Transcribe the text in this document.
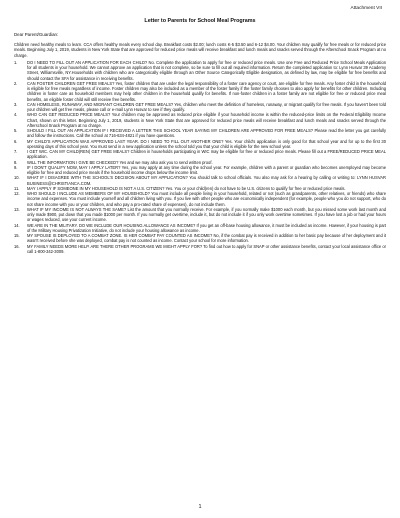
Attachment VII
Letter to Parents for School Meal Programs
Dear Parent/Guardian:
Children need healthy meals to learn. CCA offers healthy meals every school day. Breakfast costs $2.00; lunch costs K-5 $3.50 and 6-12 $4.00. Your children may qualify for free meals or for reduced price meals. Beginning July 1, 2019, students in New York State that are approved for reduced price meals will receive breakfast and lunch meals and snacks served through the Afterschool Snack Program at no charge.
1.	DO I NEED TO FILL OUT AN APPLICATION FOR EACH CHILD? No. Complete the application to apply for free or reduced price meals. Use one Free and Reduced Price School Meals Application for all students in your household. We cannot approve an application that is not complete, so be sure to fill out all required information. Return the completed application to: Lynn Husvar 39 Academy Street, Williamsville, NY.Households with children who are categorically eligible through an Other Source Categorically Eligible designation, as defined by law, may be eligible for free benefits and should contact the SFA for assistance in receiving benefits.
2.	CAN FOSTER CHILDREN GET FREE MEALS? Yes, foster children that are under the legal responsibility of a foster care agency or court, are eligible for free meals. Any foster child in the household is eligible for free meals regardless of income. Foster children may also be included as a member of the foster family if the foster family chooses to also apply for benefits for other children. Including children in foster care as household members may help other children in the household qualify for benefits. If non-foster children in a foster family are not eligible for free or reduced price meal benefits, an eligible foster child will still receive free benefits.
3.	CAN HOMELESS, RUNAWAY, AND MIGRANT CHILDREN GET FREE MEALS? Yes, children who meet the definition of homeless, runaway, or migrant qualify for free meals. If you haven't been told your children will get free meals, please call or e-mail Lynn Husvar to see if they qualify.
4.	WHO CAN GET REDUCED PRICE MEALS? Your children may be approved as reduced price eligible if your household income is within the reduced-price limits on the Federal Eligibility Income Chart, shown on this letter. Beginning July 1, 2019, students in New York State that are approved for reduced price meals will receive breakfast and lunch meals and snacks served through the Afterschool Snack Program at no charge.
5.	SHOULD I FILL OUT AN APPLICATION IF I RECEIVED A LETTER THIS SCHOOL YEAR SAYING MY CHILDREN ARE APPROVED FOR FREE MEALS? Please read the letter you got carefully and follow the instructions. Call the school at 716-634-4821 if you have questions.
6.	MY CHILD'S APPLICATION WAS APPROVED LAST YEAR. DO I NEED TO FILL OUT ANOTHER ONE? Yes. Your child's application is only good for that school year and for up to the first 30 operating days of this school year. You must send in a new application unless the school told you that your child is eligible for the new school year.
7.	I GET WIC. CAN MY CHILD(REN) GET FREE MEALS? Children in households participating in WIC may be eligible for free or reduced price meals. Please fill out a FREE/REDUCED PRICE MEAL application.
8.	WILL THE INFORMATION I GIVE BE CHECKED? Yes and we may also ask you to send written proof.
9.	IF I DON'T QUALIFY NOW, MAY I APPLY LATER? Yes, you may apply at any time during the school year. For example, children with a parent or guardian who becomes unemployed may become eligible for free and reduced price meals if the household income drops below the income limit.
10.	WHAT IF I DISAGREE WITH THE SCHOOL'S DECISION ABOUT MY APPLICATION? You should talk to school officials. You also may ask for a hearing by calling or writing to: LYNN HUSVAR BUSINESS@CHRISTIANCA.COM.
11.	MAY I APPLY IF SOMEONE IN MY HOUSEHOLD IS NOT A U.S. CITIZEN? Yes. You or your child(ren) do not have to be U.S. citizens to qualify for free or reduced price meals.
12.	WHO SHOULD I INCLUDE AS MEMBERS OF MY HOUSEHOLD? You must include all people living in your household, related or not (such as grandparents, other relatives, or friends) who share income and expenses. You must include yourself and all children living with you. If you live with other people who are economically independent (for example, people who you do not support, who do not share income with you or your children, and who pay a pro-rated share of expenses), do not include them.
13.	WHAT IF MY INCOME IS NOT ALWAYS THE SAME? List the amount that you normally receive. For example, if you normally make $1000 each month, but you missed some work last month and only made $900, put down that you made $1000 per month. If you normally get overtime, include it, but do not include it if you only work overtime sometimes. If you have lost a job or had your hours or wages reduced, use your current income.
14.	WE ARE IN THE MILITARY. DO WE INCLUDE OUR HOUSING ALLOWANCE AS INCOME? If you get an off-base housing allowance, it must be included as income. However, if your housing is part of the Military Housing Privatization Initiative, do not include your housing allowance as income.
15.	MY SPOUSE IS DEPLOYED TO A COMBAT ZONE. IS HER COMBAT PAY COUNTED AS INCOME? No, if the combat pay is received in addition to her basic pay because of her deployment and it wasn't received before she was deployed, combat pay is not counted as income. Contact your school for more information.
16.	MY FAMILY NEEDS MORE HELP. ARE THERE OTHER PROGRAMS WE MIGHT APPLY FOR? To find out how to apply for SNAP or other assistance benefits, contact your local assistance office or call 1-800-342-3009.
1
